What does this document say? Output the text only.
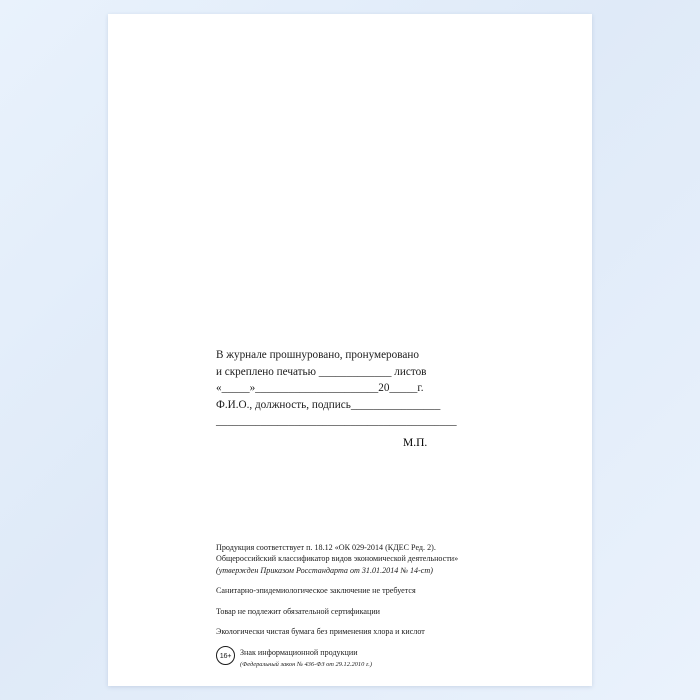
В журнале прошнуровано, пронумеровано
и скреплено печатью _____________ листов
«_____»______________________20_____г.
Ф.И.О., должность, подпись________________
___________________________________________
М.П.
Продукция соответствует п. 18.12 «ОК 029-2014 (КДЕС Ред. 2).
Общероссийский классификатор видов экономической деятельности»
(утвержден Приказом Росстандарта от 31.01.2014 № 14-ст)
Санитарно-эпидемиологическое заключение не требуется
Товар не подлежит обязательной сертификации
Экологически чистая бумага без применения хлора и кислот
16+	Знак информационной продукции
(Федеральный закон № 436-ФЗ от 29.12.2010 г.)
